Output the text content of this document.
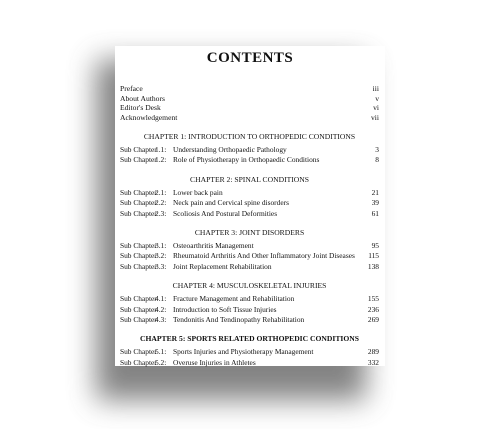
CONTENTS
Preface	iii
About Authors	v
Editor's Desk	vi
Acknowledgement	vii
CHAPTER 1: INTRODUCTION TO ORTHOPEDIC CONDITIONS
Sub Chapter
1.1: Understanding Orthopaedic Pathology	3
Sub Chapter
1.2: Role of Physiotherapy in Orthopaedic Conditions	8
CHAPTER 2: SPINAL CONDITIONS
Sub Chapter
2.1: Lower back pain	21
Sub Chapter
2.2: Neck pain and Cervical spine disorders	39
Sub Chapter
2.3: Scoliosis And Postural Deformities	61
CHAPTER 3: JOINT DISORDERS
Sub Chapter
3.1: Osteoarthritis Management	95
Sub Chapter
3.2: Rheumatoid Arthritis And Other Inflammatory Joint Diseases	115
Sub Chapter
3.3: Joint Replacement Rehabilitation	138
CHAPTER 4: MUSCULOSKELETAL INJURIES
Sub Chapter
4.1: Fracture Management and Rehabilitation	155
Sub Chapter
4.2: Introduction to Soft Tissue Injuries	236
Sub Chapter
4.3: Tendonitis And Tendinopathy Rehabilitation	269
CHAPTER 5: SPORTS RELATED ORTHOPEDIC CONDITIONS
Sub Chapter
5.1: Sports Injuries and Physiotherapy Management	289
Sub Chapter
5.2: Overuse Injuries in Athletes	332
